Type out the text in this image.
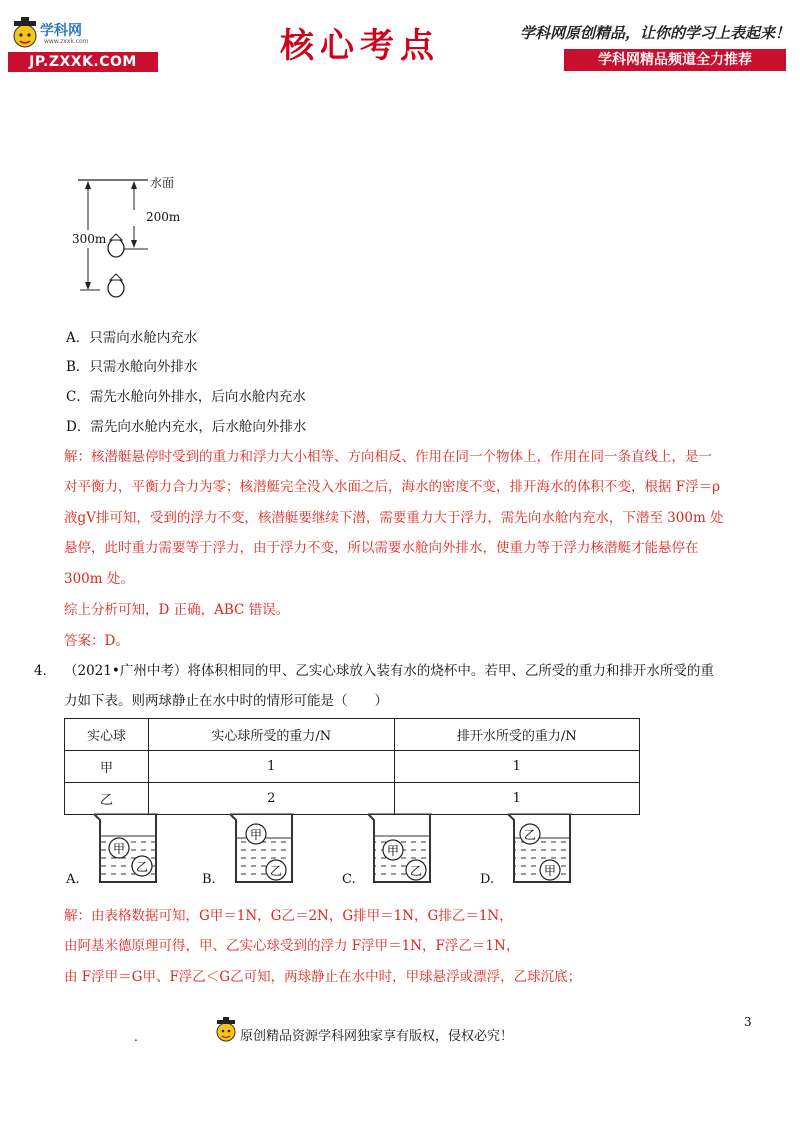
学科网
www.zxxk.com
JP.ZXXK.COM	核心考点	学科网原创精品，让你的学习上表起来！
学科网精品频道全力推荐
水面
200m
300m
A．只需向水舱内充水
B．只需水舱向外排水
C．需先水舱向外排水，后向水舱内充水
D．需先向水舱内充水，后水舱向外排水
解：核潜艇悬停时受到的重力和浮力大小相等、方向相反、作用在同一个物体上，作用在同一条直线上，是一
对平衡力，平衡力合力为零；核潜艇完全没入水面之后，海水的密度不变，排开海水的体积不变，根据 F浮＝ρ
液gV排可知，受到的浮力不变，核潜艇要继续下潜，需要重力大于浮力，需先向水舱内充水，下潜至 300m 处
悬停，此时重力需要等于浮力，由于浮力不变，所以需要水舱向外排水，使重力等于浮力核潜艇才能悬停在
300m 处。
综上分析可知，D 正确，ABC 错误。
答案：D。
4． （2021•广州中考）将体积相同的甲、乙实心球放入装有水的烧杯中。若甲、乙所受的重力和排开水所受的重
力如下表。则两球静止在水中时的情形可能是（　　）
实心球	实心球所受的重力/N	排开水所受的重力/N
甲	1	1
乙	2	1
甲
乙
甲
乙
甲
乙
乙
甲
A.	B.	C.	D.
解：由表格数据可知，G甲＝1N，G乙＝2N，G排甲＝1N，G排乙＝1N，
由阿基米德原理可得，甲、乙实心球受到的浮力 F浮甲＝1N，F浮乙＝1N，
由 F浮甲＝G甲、F浮乙＜G乙可知，两球静止在水中时，甲球悬浮或漂浮，乙球沉底；
3
.	原创精品资源学科网独家享有版权，侵权必究！
